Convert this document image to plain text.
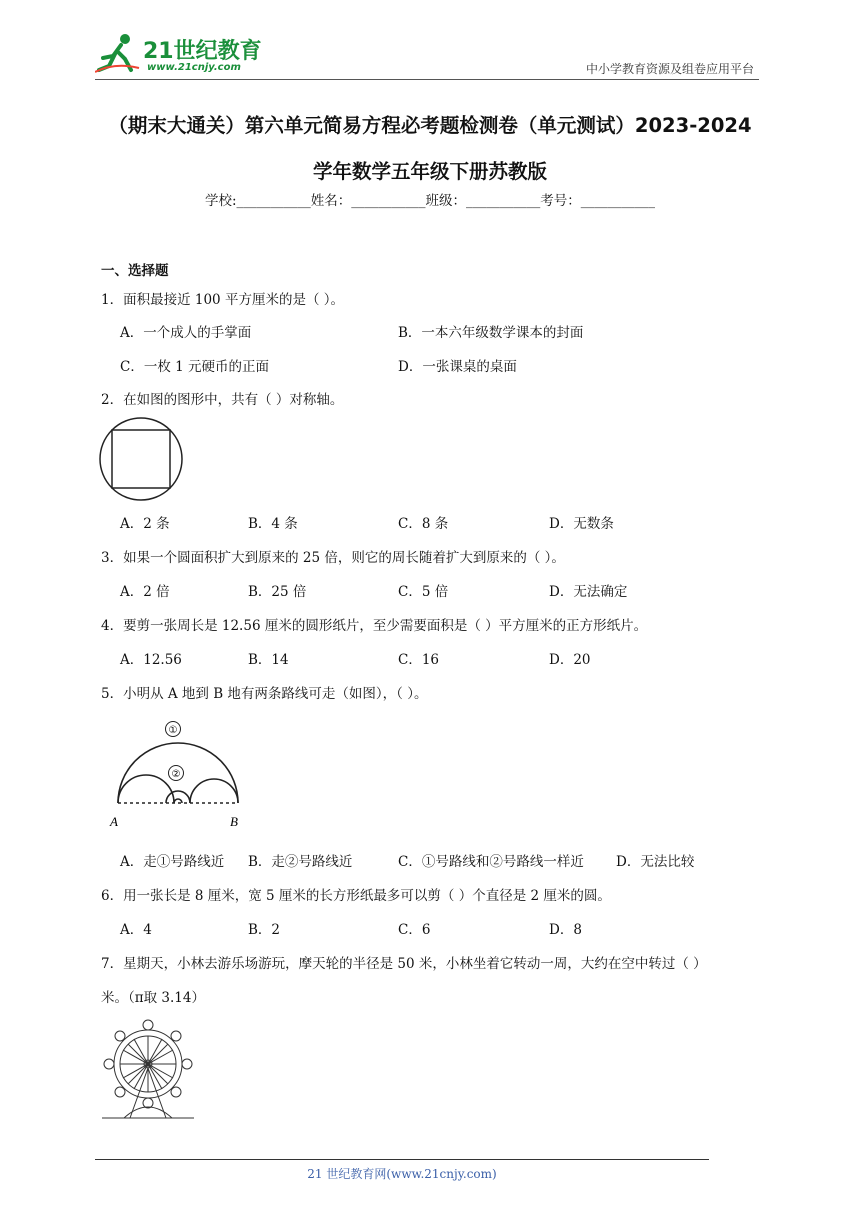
21世纪教育
www.21cnjy.com	中小学教育资源及组卷应用平台
（期末大通关）第六单元简易方程必考题检测卷（单元测试）2023-2024
学年数学五年级下册苏教版
学校:___________姓名：___________班级：___________考号：___________
一、选择题
1．面积最接近 100 平方厘米的是（ ）。
A．一个成人的手掌面	B．一本六年级数学课本的封面
C．一枚 1 元硬币的正面	D．一张课桌的桌面
2．在如图的图形中，共有（ ）对称轴。
A．2 条	B．4 条	C．8 条	D．无数条
3．如果一个圆面积扩大到原来的 25 倍，则它的周长随着扩大到原来的（ ）。
A．2 倍	B．25 倍	C．5 倍	D．无法确定
4．要剪一张周长是 12.56 厘米的圆形纸片，至少需要面积是（ ）平方厘米的正方形纸片。
A．12.56	B．14	C．16	D．20
5．小明从 A 地到 B 地有两条路线可走（如图），（ ）。
①
②
A	B
A．走①号路线近 B．走②号路线近	C．①号路线和②号路线一样近 D．无法比较
6．用一张长是 8 厘米，宽 5 厘米的长方形纸最多可以剪（ ）个直径是 2 厘米的圆。
A．4	B．2	C．6	D．8
7．星期天，小林去游乐场游玩，摩天轮的半径是 50 米，小林坐着它转动一周，大约在空中转过（ ）
米。（π取 3.14）
21 世纪教育网(www.21cnjy.com)
